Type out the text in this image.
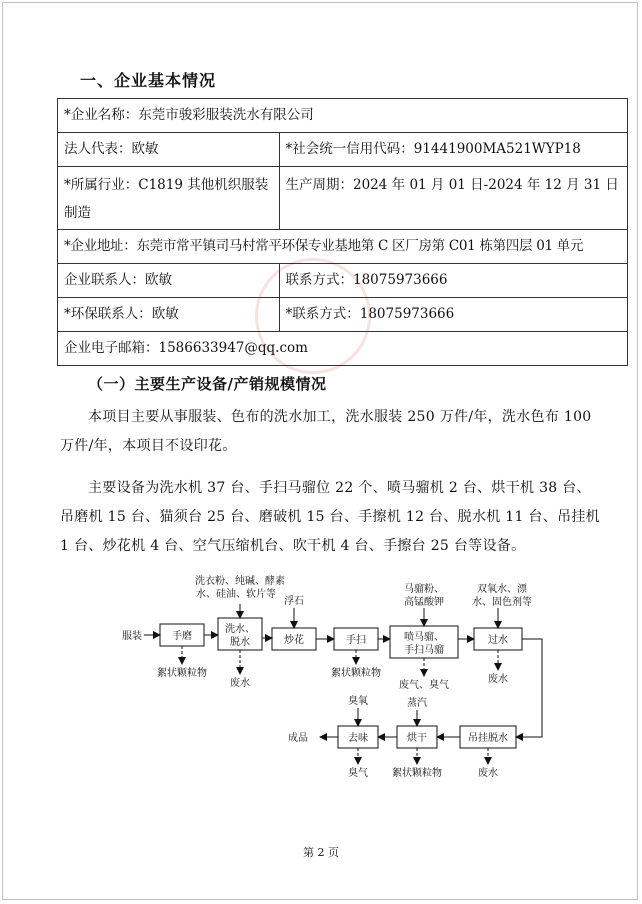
一、企业基本情况
*企业名称：东莞市骏彩服装洗水有限公司	
法人代表：欧敏	*社会统一信用代码：91441900MA521WYP18
*所属行业：C1819 其他机织服装
制造	生产周期：2024 年 01 月 01 日-2024 年 12 月 31 日
*企业地址：东莞市常平镇司马村常平环保专业基地第 C 区厂房第 C01 栋第四层 01 单元	
企业联系人：欧敏	联系方式：18075973666
*环保联系人：欧敏	*联系方式：18075973666
企业电子邮箱：1586633947@qq.com	
（一）主要生产设备/产销规模情况
本项目主要从事服装、色布的洗水加工，洗水服装 250 万件/年，洗水色布 100 万件/年，本项目不设印花。
主要设备为洗水机 37 台、手扫马骝位 22 个、喷马骝机 2 台、烘干机 38 台、吊磨机 15 台、猫须台 25 台、磨破机 15 台、手擦机 12 台、脱水机 11 台、吊挂机 1 台、炒花机 4 台、空气压缩机台、吹干机 4 台、手擦台 25 台等设备。
服装	手磨
洗水、
脱水	炒花	手扫	喷马骝、
手扫马骝
过水
吊挂脱水
烘干
去味
成品
洗衣粉、纯碱、酵素
水、硅油、软片等
浮石
马骝粉、
高锰酸钾
双氧水、漂
水、固色剂等
臭氧	蒸汽
絮状颗粒物
废水
絮状颗粒物
废气、臭气
废水
废水
絮状颗粒物
臭气
第 2 页
